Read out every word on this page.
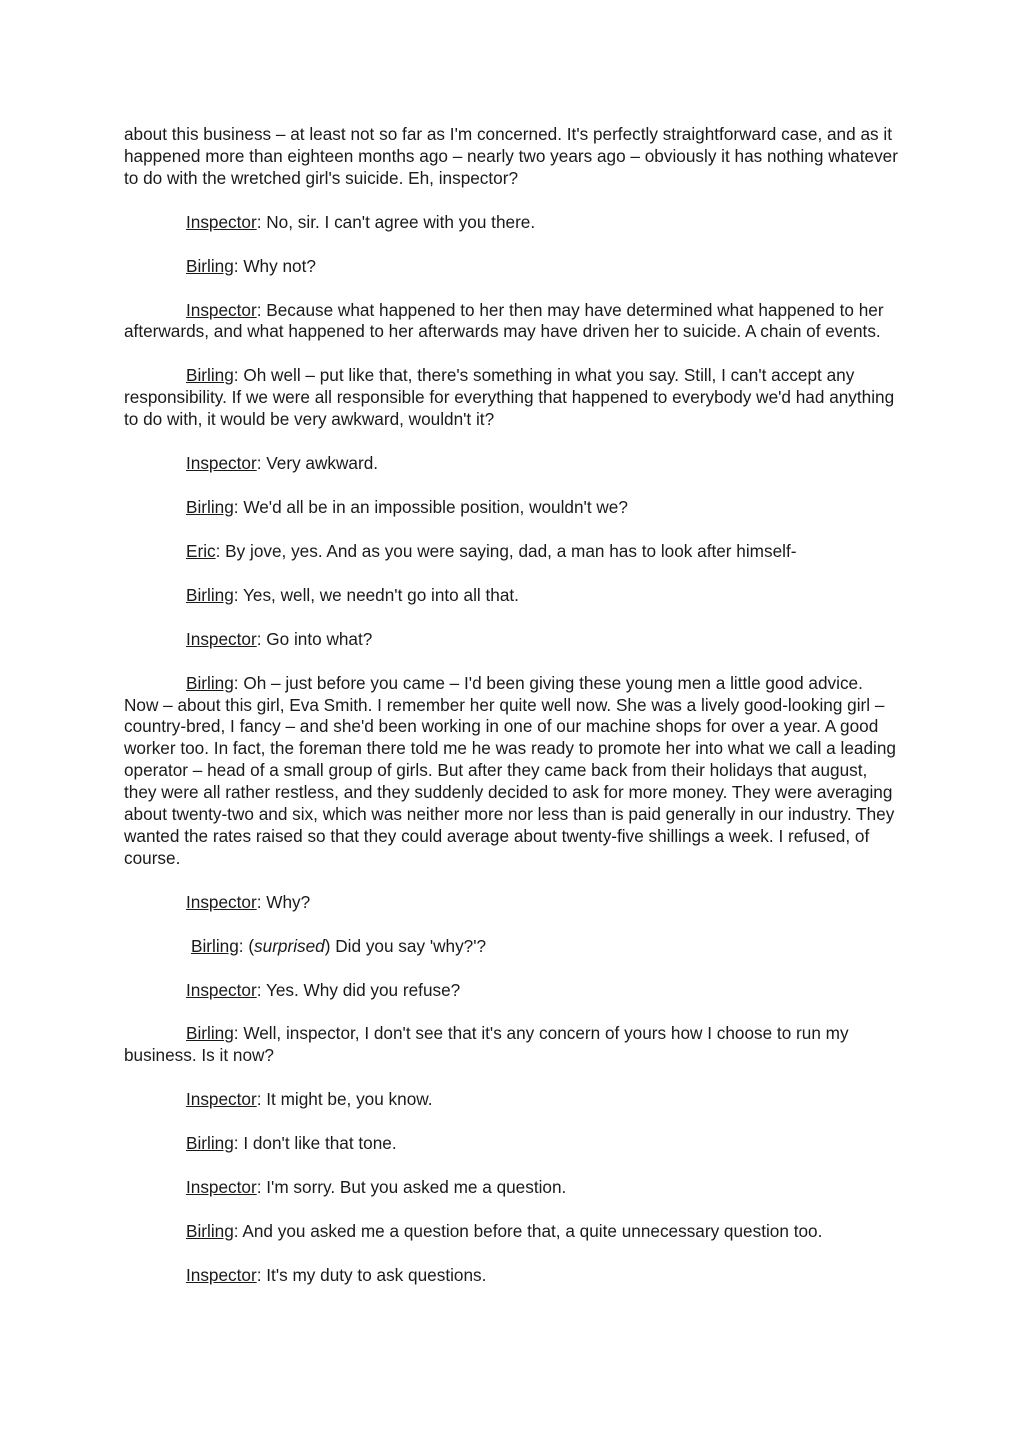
about this business – at least not so far as I'm concerned. It's perfectly straightforward case, and as it happened more than eighteen months ago – nearly two years ago – obviously it has nothing whatever to do with the wretched girl's suicide. Eh, inspector?

Inspector: No, sir. I can't agree with you there.

Birling: Why not?

Inspector: Because what happened to her then may have determined what happened to her afterwards, and what happened to her afterwards may have driven her to suicide. A chain of events.

Birling: Oh well – put like that, there's something in what you say. Still, I can't accept any responsibility. If we were all responsible for everything that happened to everybody we'd had anything to do with, it would be very awkward, wouldn't it?

Inspector: Very awkward.

Birling: We'd all be in an impossible position, wouldn't we?

Eric: By jove, yes. And as you were saying, dad, a man has to look after himself-

Birling: Yes, well, we needn't go into all that.

Inspector: Go into what?

Birling: Oh – just before you came – I'd been giving these young men a little good advice. Now – about this girl, Eva Smith. I remember her quite well now. She was a lively good-looking girl – country-bred, I fancy – and she'd been working in one of our machine shops for over a year. A good worker too. In fact, the foreman there told me he was ready to promote her into what we call a leading operator – head of a small group of girls. But after they came back from their holidays that august, they were all rather restless, and they suddenly decided to ask for more money. They were averaging about twenty-two and six, which was neither more nor less than is paid generally in our industry. They wanted the rates raised so that they could average about twenty-five shillings a week. I refused, of course.

Inspector: Why?

Birling: (surprised) Did you say 'why?'?

Inspector: Yes. Why did you refuse?

Birling: Well, inspector, I don't see that it's any concern of yours how I choose to run my business. Is it now?

Inspector: It might be, you know.

Birling: I don't like that tone.

Inspector: I'm sorry. But you asked me a question.

Birling: And you asked me a question before that, a quite unnecessary question too.

Inspector: It's my duty to ask questions.
